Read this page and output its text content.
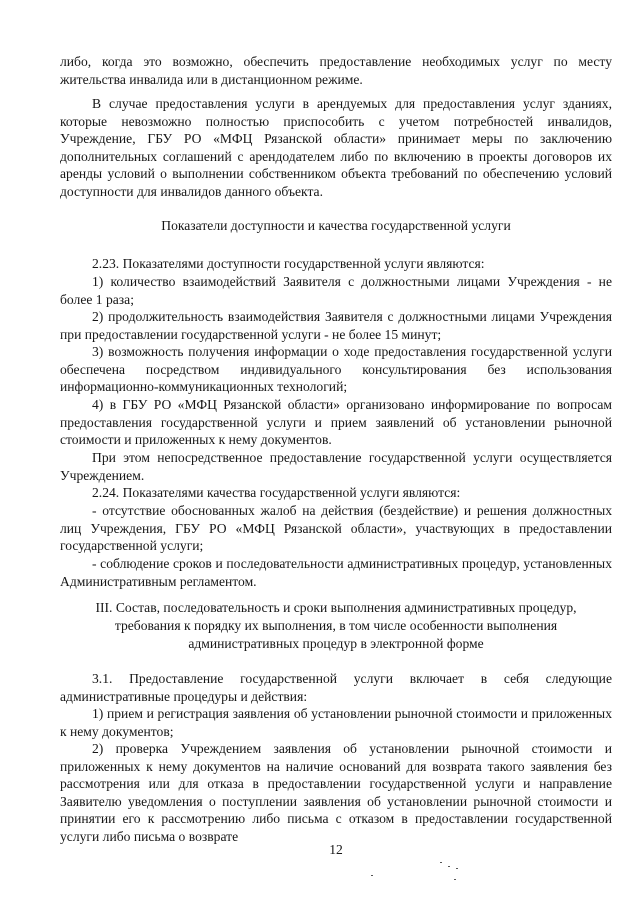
либо, когда это возможно, обеспечить предоставление необходимых услуг по месту жительства инвалида или в дистанционном режиме.

В случае предоставления услуги в арендуемых для предоставления услуг зданиях, которые невозможно полностью приспособить с учетом потребностей инвалидов, Учреждение, ГБУ РО «МФЦ Рязанской области» принимает меры по заключению дополнительных соглашений с арендодателем либо по включению в проекты договоров их аренды условий о выполнении собственником объекта требований по обеспечению условий доступности для инвалидов данного объекта.

Показатели доступности и качества государственной услуги

2.23. Показателями доступности государственной услуги являются:

1) количество взаимодействий Заявителя с должностными лицами Учреждения - не более 1 раза;

2) продолжительность взаимодействия Заявителя с должностными лицами Учреждения при предоставлении государственной услуги - не более 15 минут;

3) возможность получения информации о ходе предоставления государственной услуги обеспечена посредством индивидуального консультирования без использования информационно-коммуникационных технологий;

4) в ГБУ РО «МФЦ Рязанской области» организовано информирование по вопросам предоставления государственной услуги и прием заявлений об установлении рыночной стоимости и приложенных к нему документов.

При этом непосредственное предоставление государственной услуги осуществляется Учреждением.

2.24. Показателями качества государственной услуги являются:

- отсутствие обоснованных жалоб на действия (бездействие) и решения должностных лиц Учреждения, ГБУ РО «МФЦ Рязанской области», участвующих в предоставлении государственной услуги;

- соблюдение сроков и последовательности административных процедур, установленных Административным регламентом.

III. Состав, последовательность и сроки выполнения административных процедур,

требования к порядку их выполнения, в том числе особенности выполнения

административных процедур в электронной форме

3.1. Предоставление государственной услуги включает в себя следующие административные процедуры и действия:

1) прием и регистрация заявления об установлении рыночной стоимости и приложенных к нему документов;

2) проверка Учреждением заявления об установлении рыночной стоимости и приложенных к нему документов на наличие оснований для возврата такого заявления без рассмотрения или для отказа в предоставлении государственной услуги и направление Заявителю уведомления о поступлении заявления об установлении рыночной стоимости и принятии его к рассмотрению либо письма с отказом в предоставлении государственной услуги либо письма о возврате

12
